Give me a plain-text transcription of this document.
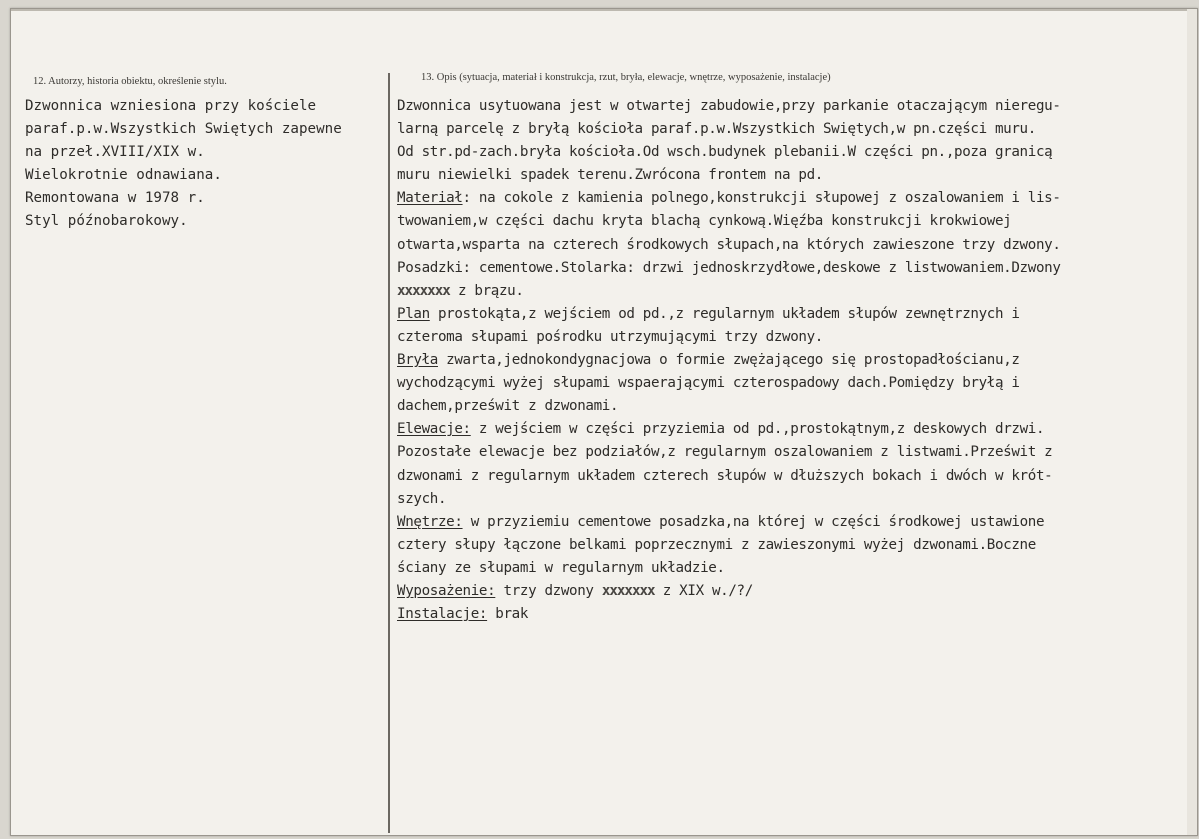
12. Autorzy, historia obiektu, określenie stylu.	13. Opis (sytuacja, materiał i konstrukcja, rzut, bryła, elewacje, wnętrze, wyposażenie, instalacje)
Dzwonnica wzniesiona przy kościele
paraf.p.w.Wszystkich Swiętych zapewne
na przeł.XVIII/XIX w.
Wielokrotnie odnawiana.
Remontowana w 1978 r.
Styl późnobarokowy.
Dzwonnica usytuowana jest w otwartej zabudowie,przy parkanie otaczającym nieregu-
larną parcelę z bryłą kościoła paraf.p.w.Wszystkich Swiętych,w pn.części muru.
Od str.pd-zach.bryła kościoła.Od wsch.budynek plebanii.W części pn.,poza granicą
muru niewielki spadek terenu.Zwrócona frontem na pd.
Materiał: na cokole z kamienia polnego,konstrukcji słupowej z oszalowaniem i lis-
twowaniem,w części dachu kryta blachą cynkową.Więźba konstrukcji krokwiowej
otwarta,wsparta na czterech środkowych słupach,na których zawieszone trzy dzwony.
Posadzki: cementowe.Stolarka: drzwi jednoskrzydłowe,deskowe z listwowaniem.Dzwony
xxxxxxx z brązu.
Plan prostokąta,z wejściem od pd.,z regularnym układem słupów zewnętrznych i
czteroma słupami pośrodku utrzymującymi trzy dzwony.
Bryła zwarta,jednokondygnacjowa o formie zwężającego się prostopadłościanu,z
wychodzącymi wyżej słupami wspaerającymi czterospadowy dach.Pomiędzy bryłą i
dachem,prześwit z dzwonami.
Elewacje: z wejściem w części przyziemia od pd.,prostokątnym,z deskowych drzwi.
Pozostałe elewacje bez podziałów,z regularnym oszalowaniem z listwami.Prześwit z
dzwonami z regularnym układem czterech słupów w dłuższych bokach i dwóch w krót-
szych.
Wnętrze: w przyziemiu cementowe posadzka,na której w części środkowej ustawione
cztery słupy łączone belkami poprzecznymi z zawieszonymi wyżej dzwonami.Boczne
ściany ze słupami w regularnym układzie.
Wyposażenie: trzy dzwony xxxxxxx z XIX w./?/
Instalacje: brak
